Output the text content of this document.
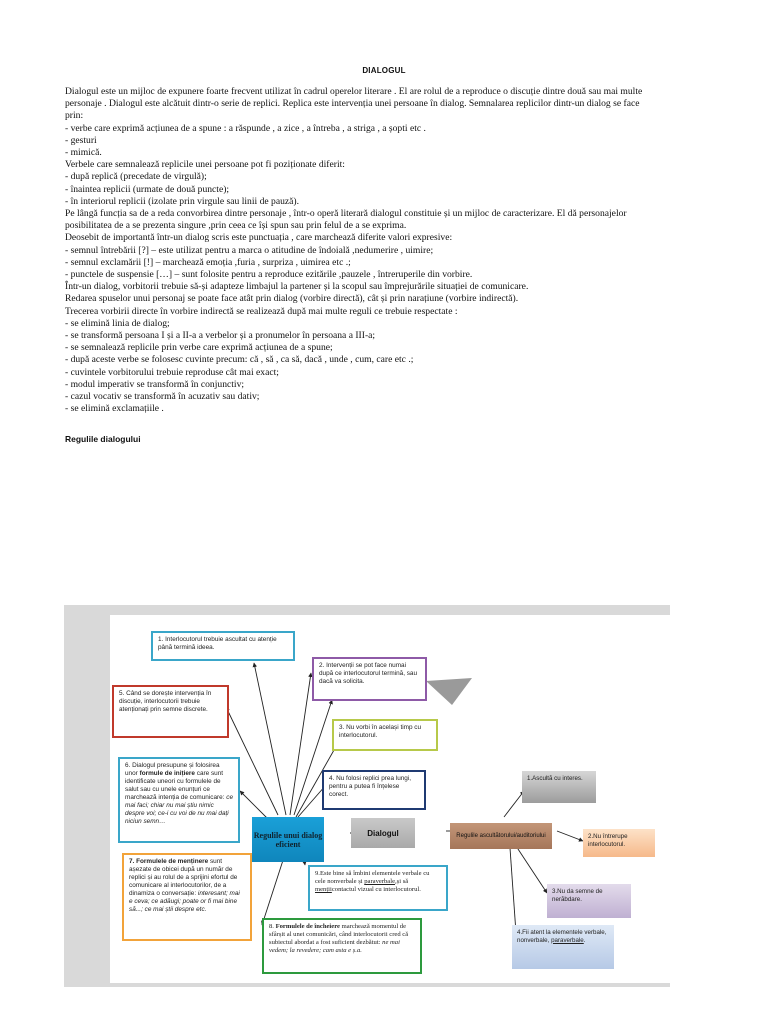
DIALOGUL
Dialogul este un mijloc de expunere foarte frecvent utilizat în cadrul operelor literare . El are rolul de a reproduce o discuție dintre două sau mai multe
personaje . Dialogul este alcătuit dintr-o serie de replici. Replica este intervenția unei persoane în dialog. Semnalarea replicilor dintr-un dialog se face
prin:
- verbe care exprimă acțiunea de a spune : a răspunde , a zice , a întreba , a striga , a șopti etc .
- gesturi
- mimică.
Verbele care semnalează replicile unei persoane pot fi poziționate diferit:
- după replică (precedate de virgulă);
- înaintea replicii (urmate de două puncte);
- în interiorul replicii (izolate prin virgule sau linii de pauză).
Pe lângă funcția sa de a reda convorbirea dintre personaje , într-o operă literară dialogul constituie și un mijloc de caracterizare. El dă personajelor
posibilitatea de a se prezenta singure ,prin ceea ce își spun sau prin felul de a se exprima.
Deosebit de importantă într-un dialog scris este punctuația , care marchează diferite valori expresive:
- semnul întrebării [?] – este utilizat pentru a marca o atitudine de îndoială ,nedumerire , uimire;
- semnul exclamării [!] – marchează emoția ,furia , surpriza , uimirea etc .;
- punctele de suspensie […] – sunt folosite pentru a reproduce ezitările ,pauzele , întreruperile din vorbire.
Într-un dialog, vorbitorii trebuie să-și adapteze limbajul la partener și la scopul sau împrejurările situației de comunicare.
Redarea spuselor unui personaj se poate face atât prin dialog (vorbire directă), cât și prin narațiune (vorbire indirectă).
Trecerea vorbirii directe în vorbire indirectă se realizează după mai multe reguli ce trebuie respectate :
- se elimină linia de dialog;
- se transformă persoana I și a II-a a verbelor și a pronumelor în persoana a III-a;
- se semnalează replicile prin verbe care exprimă acțiunea de a spune;
- după aceste verbe se folosesc cuvinte precum: că , să , ca să, dacă , unde , cum, care etc .;
- cuvintele vorbitorului trebuie reproduse cât mai exact;
- modul imperativ se transformă în conjunctiv;
- cazul vocativ se transformă în acuzativ sau dativ;
- se elimină exclamațiile .
Regulile dialogului
1. Interlocutorul trebuie ascultat cu atenție până termină ideea.
2. Intervenții se pot face numai după ce interlocutorul termină, sau dacă va solicita.
5. Când se dorește intervenția în discuție, interlocutorii trebuie atenționați prin semne discrete.
3. Nu vorbi în același timp cu interlocutorul.
4. Nu folosi replici prea lungi, pentru a putea fi înțelese corect.
6. Dialogul presupune și folosirea unor formule de inițiere care sunt identificate uneori cu formulele de salut sau cu unele enunțuri ce marchează intenția de comunicare: ce mai faci; chiar nu mai știu nimic despre voi; ce-i cu voi de nu mai dați niciun semn…
Regulile unui dialog eficient
Dialogul	Regulile ascultătorului/auditoriului
7. Formulele de menținere sunt așezate de obicei după un număr de replici și au rolul de a sprijini efortul de comunicare al interlocutorilor, de a dinamiza o conversație: interesant; mai e ceva; ce adăugi; poate or fi mai bine să...; ce mai știi despre etc.
9.Este bine să îmbini elementele verbale cu cele nonverbale și paraverbale,și să mențiicontactul vizual cu interlocutorul.
8. Formulele de încheiere marchează momentul de sfârșit al unei comunicări, când interlocutorii cred că subiectul abordat a fost suficient dezbătut: ne mai vedem; la revedere; cam asta e ș.a.
1.Ascultă cu interes.
2.Nu întrerupe interlocutorul.
3.Nu da semne de nerăbdare.
4.Fii atent la elementele verbale, nonverbale, paraverbale.
